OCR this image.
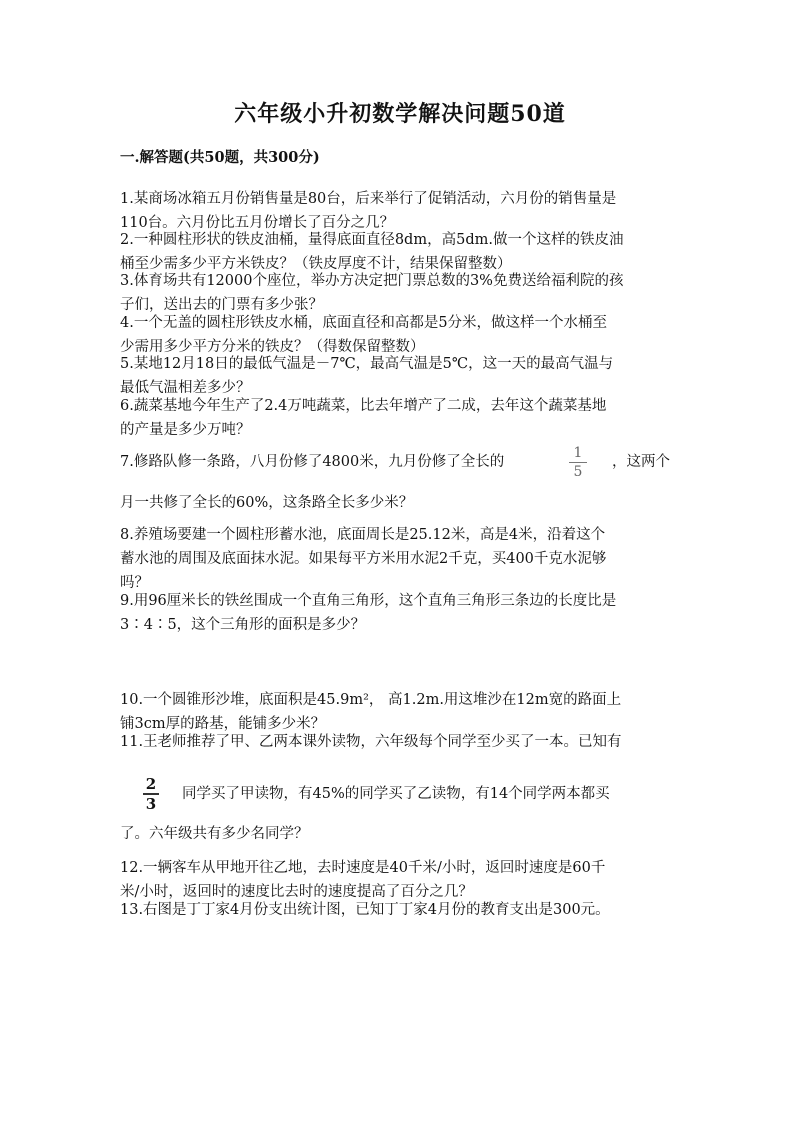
六年级小升初数学解决问题50道
一.解答题(共50题，共300分)
1.某商场冰箱五月份销售量是80台，后来举行了促销活动，六月份的销售量是
110台。六月份比五月份增长了百分之几？
2.一种圆柱形状的铁皮油桶，量得底面直径8dm，高5dm.做一个这样的铁皮油
桶至少需多少平方米铁皮？（铁皮厚度不计，结果保留整数）
3.体育场共有12000个座位，举办方决定把门票总数的3%免费送给福利院的孩
子们，送出去的门票有多少张？
4.一个无盖的圆柱形铁皮水桶，底面直径和高都是5分米，做这样一个水桶至
少需用多少平方分米的铁皮？（得数保留整数）
5.某地12月18日的最低气温是－7℃，最高气温是5℃，这一天的最高气温与
最低气温相差多少？
6.蔬菜基地今年生产了2.4万吨蔬菜，比去年增产了二成，去年这个蔬菜基地
的产量是多少万吨？
7.修路队修一条路，八月份修了4800米，九月份修了全长的
1
5
，这两个
月一共修了全长的60%，这条路全长多少米？
8.养殖场要建一个圆柱形蓄水池，底面周长是25.12米，高是4米，沿着这个
蓄水池的周围及底面抹水泥。如果每平方米用水泥2千克，买400千克水泥够
吗？
9.用96厘米长的铁丝围成一个直角三角形，这个直角三角形三条边的长度比是
3∶4∶5，这个三角形的面积是多少？
10.一个圆锥形沙堆，底面积是45.9m²， 高1.2m.用这堆沙在12m宽的路面上
铺3cm厚的路基，能铺多少米？
11.王老师推荐了甲、乙两本课外读物，六年级每个同学至少买了一本。已知有
2
3
同学买了甲读物，有45%的同学买了乙读物，有14个同学两本都买
了。六年级共有多少名同学？
12.一辆客车从甲地开往乙地，去时速度是40千米/小时，返回时速度是60千
米/小时，返回时的速度比去时的速度提高了百分之几？
13.右图是丁丁家4月份支出统计图，已知丁丁家4月份的教育支出是300元。
